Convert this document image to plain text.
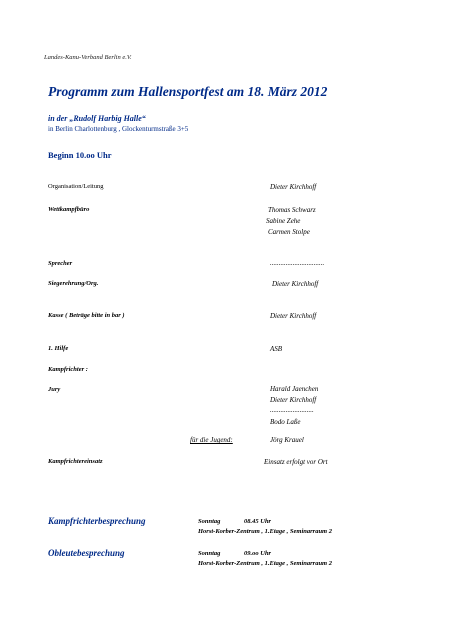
Landes-Kanu-Verband Berlin e.V.
Programm zum Hallensportfest am 18. März 2012
in der „Rudolf Harbig Halle“
in Berlin Charlottenburg , Glockenturmstraße 3+5
Beginn 10.oo Uhr
Organisation/Leitung	Dieter Kirchhoff
Wettkampfbüro	Thomas Schwarz
Sabine Zehe
Carmen Stolpe
Sprecher	...............................
Siegerehrung/Org.	Dieter Kirchhoff
Kasse ( Beträge bitte in bar )	Dieter Kirchhoff
1. Hilfe	ASB
Kampfrichter :
Jury	Harald Jaenchen
Dieter Kirchhoff
.........................
Bodo Laße
für die Jugend:	Jörg Krauel
Kampfrichtereinsatz	Einsatz erfolgt vor Ort
Kampfrichterbesprechung	Sonntag	08.45 Uhr
Horst-Korber-Zentrum , 1.Etage , Seminarraum 2
Obleutebesprechung	Sonntag	09.oo Uhr
Horst-Korber-Zentrum , 1.Etage , Seminarraum 2
